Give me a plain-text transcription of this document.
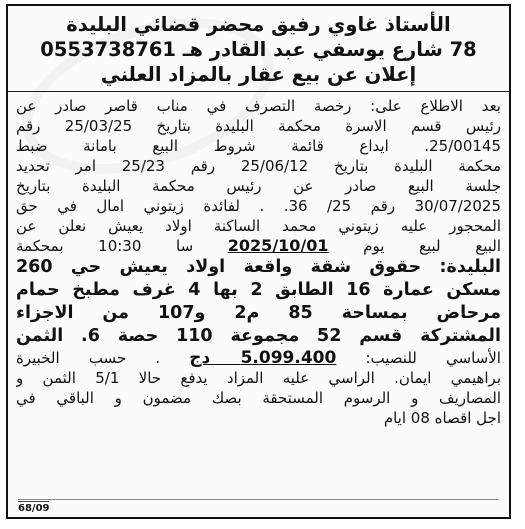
الأستاذ غاوي رفيق محضر قضائي البليدة
78 شارع يوسفي عبد القادر هـ 0553738761
إعلان عن بيع عقار بالمزاد العلني
بعد الاطلاع على: رخصة التصرف في مناب قاصر صادر عن
رئيس قسم الاسرة محكمة البليدة بتاريخ 25/03/25 رقم
25/00145. ايداع قائمة شروط البيع بامانة ضبط
محكمة البليدة بتاريخ 25/06/12 رقم 25/23 امر تحديد
جلسة البيع صادر عن رئيس محكمة البليدة بتاريخ
30/07/2025 رقم 25/ 36. . لفائدة زيتوني امال في حق
المحجور عليه زيتوني محمد الساكنة اولاد يعيش نعلن عن
البيع لبيع يوم 2025/10/01 سا 10:30 بمحكمة
البليدة: حقوق شقة واقعة اولاد يعيش حي 260
مسكن عمارة 16 الطابق 2 بها 4 غرف مطبخ حمام
مرحاض بمساحة 85 م2 و107 من الاجزاء
المشتركة قسم 52 مجموعة 110 حصة 6. الثمن
الأساسي للنصيب: 5.099.400 دج . حسب الخبيرة
براهيمي ايمان. الراسي عليه المزاد يدفع حالا 5/1 الثمن و
المصاريف و الرسوم المستحقة بصك مضمون و الباقي في
اجل اقصاه 08 ايام
68/09
